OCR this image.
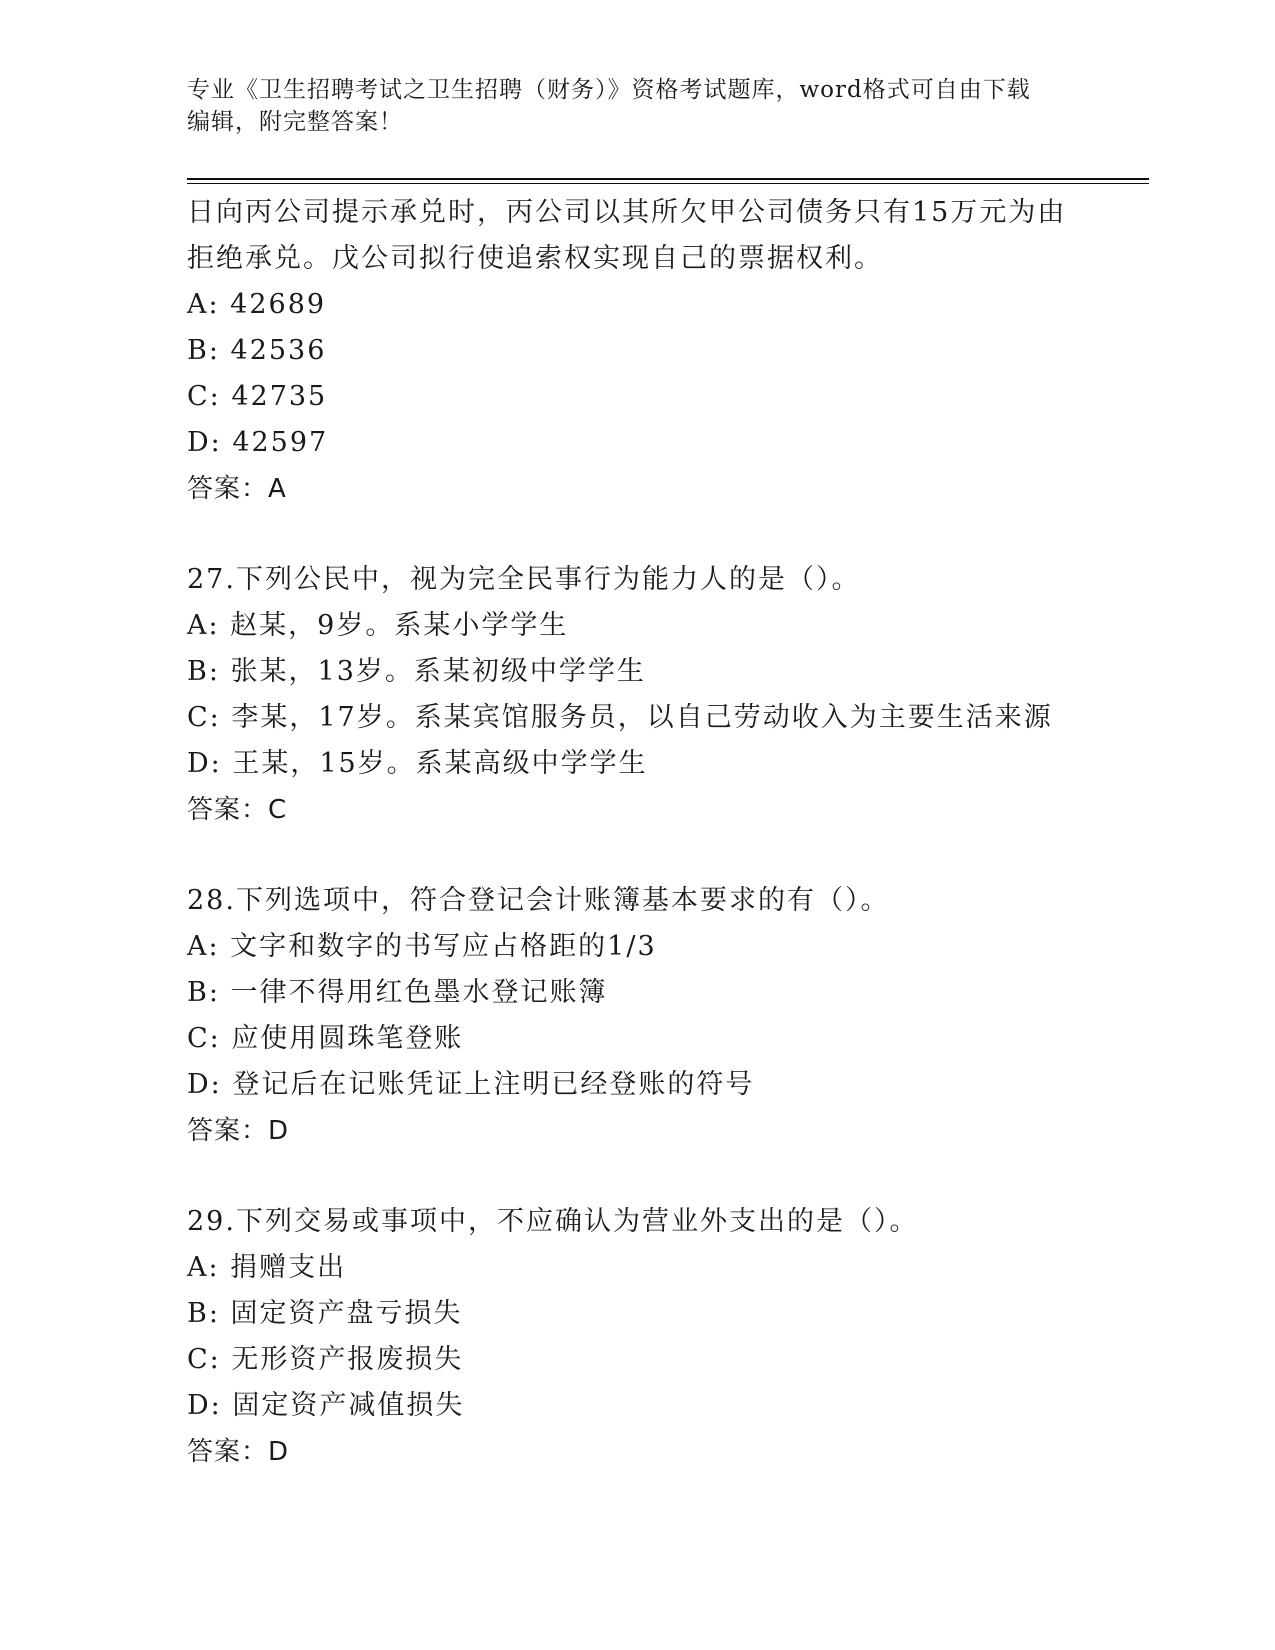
专业《卫生招聘考试之卫生招聘（财务）》资格考试题库，word格式可自由下载
编辑，附完整答案！
日向丙公司提示承兑时，丙公司以其所欠甲公司债务只有15万元为由
拒绝承兑。戊公司拟行使追索权实现自己的票据权利。
A: 42689
B: 42536
C: 42735
D: 42597
答案：A
27.下列公民中，视为完全民事行为能力人的是（）。
A: 赵某，9岁。系某小学学生
B: 张某，13岁。系某初级中学学生
C: 李某，17岁。系某宾馆服务员，以自己劳动收入为主要生活来源
D: 王某，15岁。系某高级中学学生
答案：C
28.下列选项中，符合登记会计账簿基本要求的有（）。
A: 文字和数字的书写应占格距的1/3
B: 一律不得用红色墨水登记账簿
C: 应使用圆珠笔登账
D: 登记后在记账凭证上注明已经登账的符号
答案：D
29.下列交易或事项中，不应确认为营业外支出的是（）。
A: 捐赠支出
B: 固定资产盘亏损失
C: 无形资产报废损失
D: 固定资产减值损失
答案：D
